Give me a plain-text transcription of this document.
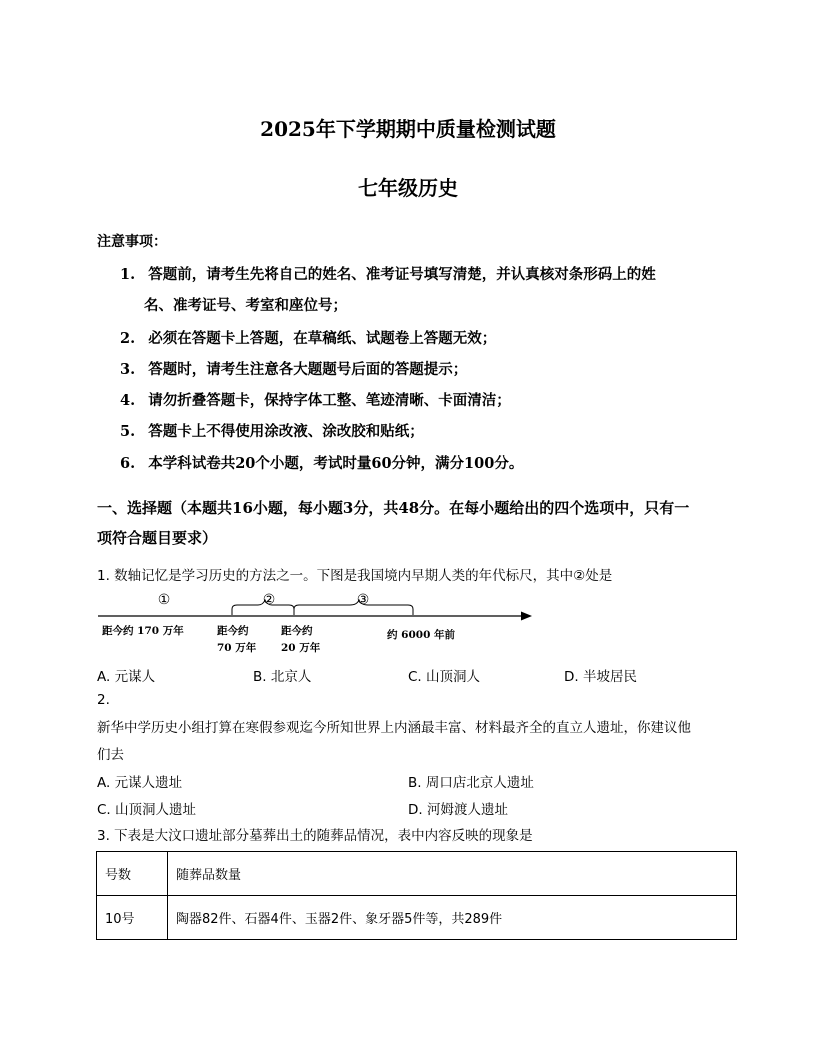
2025年下学期期中质量检测试题
七年级历史
注意事项：
1. 答题前，请考生先将自己的姓名、准考证号填写清楚，并认真核对条形码上的姓
名、准考证号、考室和座位号；
2. 必须在答题卡上答题，在草稿纸、试题卷上答题无效；
3. 答题时，请考生注意各大题题号后面的答题提示；
4. 请勿折叠答题卡，保持字体工整、笔迹清晰、卡面清洁；
5. 答题卡上不得使用涂改液、涂改胶和贴纸；
6. 本学科试卷共20个小题，考试时量60分钟，满分100分。
一、选择题（本题共16小题，每小题3分，共48分。在每小题给出的四个选项中，只有一
项符合题目要求）
1. 数轴记忆是学习历史的方法之一。下图是我国境内早期人类的年代标尺，其中②处是
①	②	③
距今约 170 万年	距今约
70 万年
距今约
20 万年
约 6000 年前
A. 元谋人	B. 北京人	C. 山顶洞人	D. 半坡居民
2.
新华中学历史小组打算在寒假参观迄今所知世界上内涵最丰富、材料最齐全的直立人遗址，你建议他
们去
A. 元谋人遗址	B. 周口店北京人遗址
C. 山顶洞人遗址	D. 河姆渡人遗址
3. 下表是大汶口遗址部分墓葬出土的随葬品情况，表中内容反映的现象是
号数	随葬品数量
10号	陶器82件、石器4件、玉器2件、象牙器5件等，共289件
